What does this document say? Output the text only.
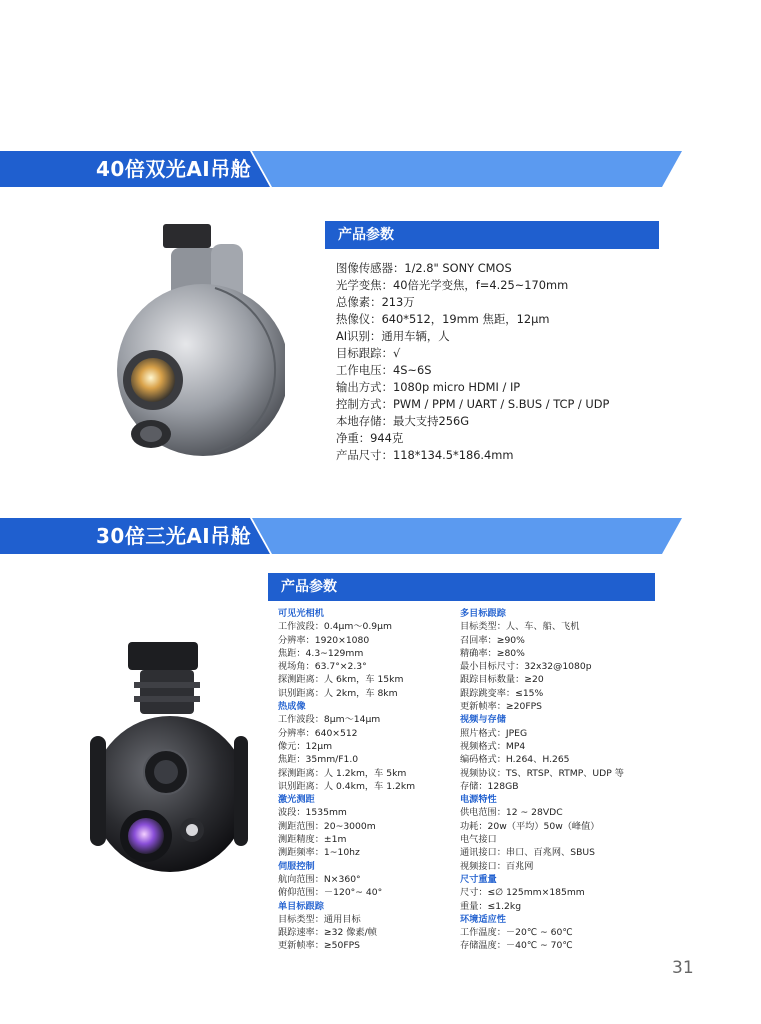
40倍双光AI吊舱
产品参数
图像传感器：1/2.8" SONY CMOS
光学变焦：40倍光学变焦，f=4.25~170mm
总像素：213万
热像仪：640*512，19mm 焦距，12μm
AI识别：通用车辆，人
目标跟踪：√
工作电压：4S~6S
输出方式：1080p micro HDMI / IP
控制方式：PWM / PPM / UART / S.BUS / TCP / UDP
本地存储：最大支持256G
净重：944克
产品尺寸：118*134.5*186.4mm
30倍三光AI吊舱
产品参数
可见光相机
工作波段：0.4μm～0.9μm
分辨率：1920×1080
焦距：4.3~129mm
视场角：63.7°×2.3°
探测距离：人 6km，车 15km
识别距离：人 2km，车 8km
热成像
工作波段：8μm～14μm
分辨率：640×512
像元：12μm
焦距：35mm/F1.0
探测距离：人 1.2km，车 5km
识别距离：人 0.4km，车 1.2km
激光测距
波段：1535mm
测距范围：20~3000m
测距精度：±1m
测距频率：1~10hz
伺服控制
航向范围：N×360°
俯仰范围：－120°~ 40°
单目标跟踪
目标类型：通用目标
跟踪速率：≥32 像素/帧
更新帧率：≥50FPS
多目标跟踪
目标类型：人、车、船、飞机
召回率：≥90%
精确率：≥80%
最小目标尺寸：32x32@1080p
跟踪目标数量：≥20
跟踪跳变率：≤15%
更新帧率：≥20FPS
视频与存储
照片格式：JPEG
视频格式：MP4
编码格式：H.264、H.265
视频协议：TS、RTSP、RTMP、UDP 等
存储：128GB
电源特性
供电范围：12 ~ 28VDC
功耗：20w（平均）50w（峰值）
电气接口
通讯接口：串口、百兆网、SBUS
视频接口：百兆网
尺寸重量
尺寸：≤∅ 125mm×185mm
重量：≤1.2kg
环境适应性
工作温度：－20℃ ~ 60℃
存储温度：－40℃ ~ 70℃
31
